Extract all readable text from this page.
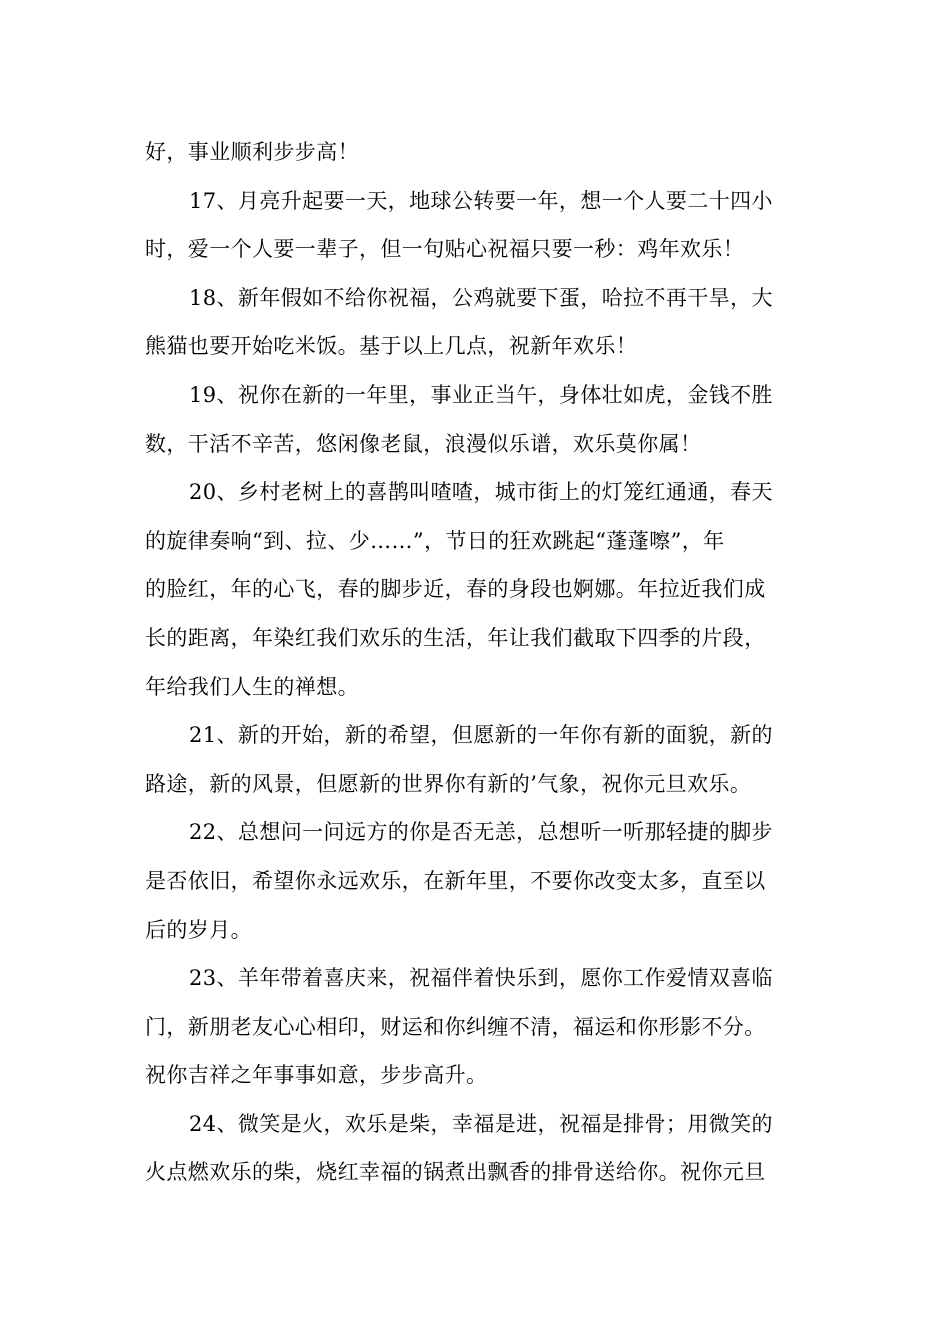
好，事业顺利步步高！
17、月亮升起要一天，地球公转要一年，想一个人要二十四小
时，爱一个人要一辈子，但一句贴心祝福只要一秒：鸡年欢乐！
18、新年假如不给你祝福，公鸡就要下蛋，哈拉不再干旱，大
熊猫也要开始吃米饭。基于以上几点，祝新年欢乐！
19、祝你在新的一年里，事业正当午，身体壮如虎，金钱不胜
数，干活不辛苦，悠闲像老鼠，浪漫似乐谱，欢乐莫你属！
20、乡村老树上的喜鹊叫喳喳，城市街上的灯笼红通通，春天
的旋律奏响“到、拉、少……”，节日的狂欢跳起“蓬蓬嚓”，年
的脸红，年的心飞，春的脚步近，春的身段也婀娜。年拉近我们成
长的距离，年染红我们欢乐的生活，年让我们截取下四季的片段，
年给我们人生的禅想。
21、新的开始，新的希望，但愿新的一年你有新的面貌，新的
路途，新的风景，但愿新的世界你有新的’气象，祝你元旦欢乐。
22、总想问一问远方的你是否无恙，总想听一听那轻捷的脚步
是否依旧，希望你永远欢乐，在新年里，不要你改变太多，直至以
后的岁月。
23、羊年带着喜庆来，祝福伴着快乐到，愿你工作爱情双喜临
门，新朋老友心心相印，财运和你纠缠不清，福运和你形影不分。
祝你吉祥之年事事如意，步步高升。
24、微笑是火，欢乐是柴，幸福是进，祝福是排骨；用微笑的
火点燃欢乐的柴，烧红幸福的锅煮出飘香的排骨送给你。祝你元旦
